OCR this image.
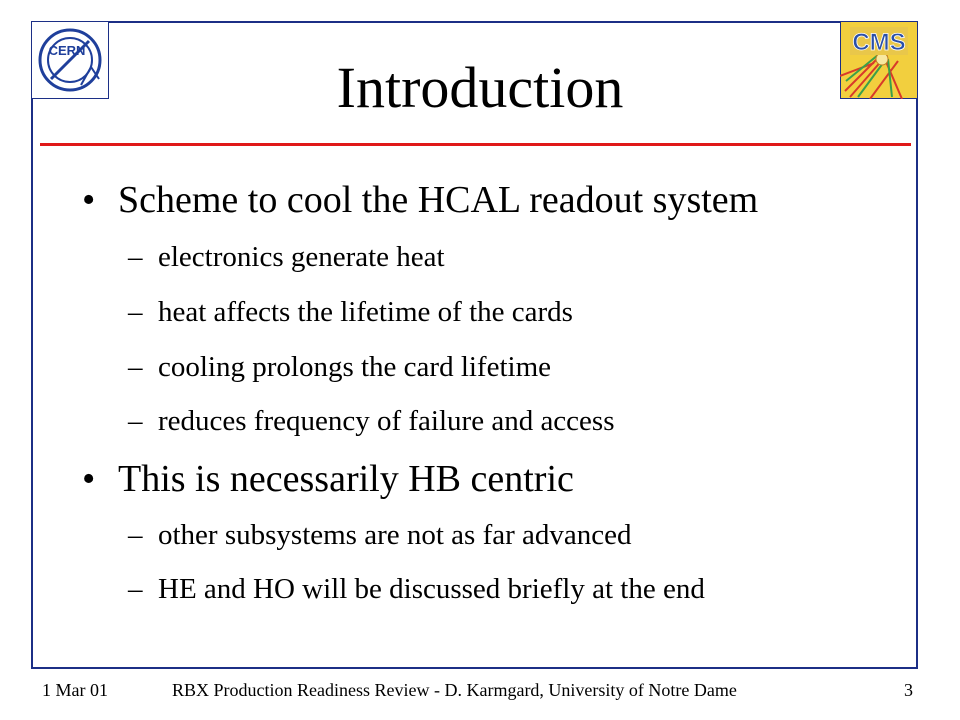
CERN	CMS
Introduction
• Scheme to cool the HCAL readout system
– electronics generate heat
– heat affects the lifetime of the cards
– cooling prolongs the card lifetime
– reduces frequency of failure and access
• This is necessarily HB centric
– other subsystems are not as far advanced
– HE and HO will be discussed briefly at the end
1 Mar 01	RBX Production Readiness Review - D. Karmgard, University of Notre Dame	3
